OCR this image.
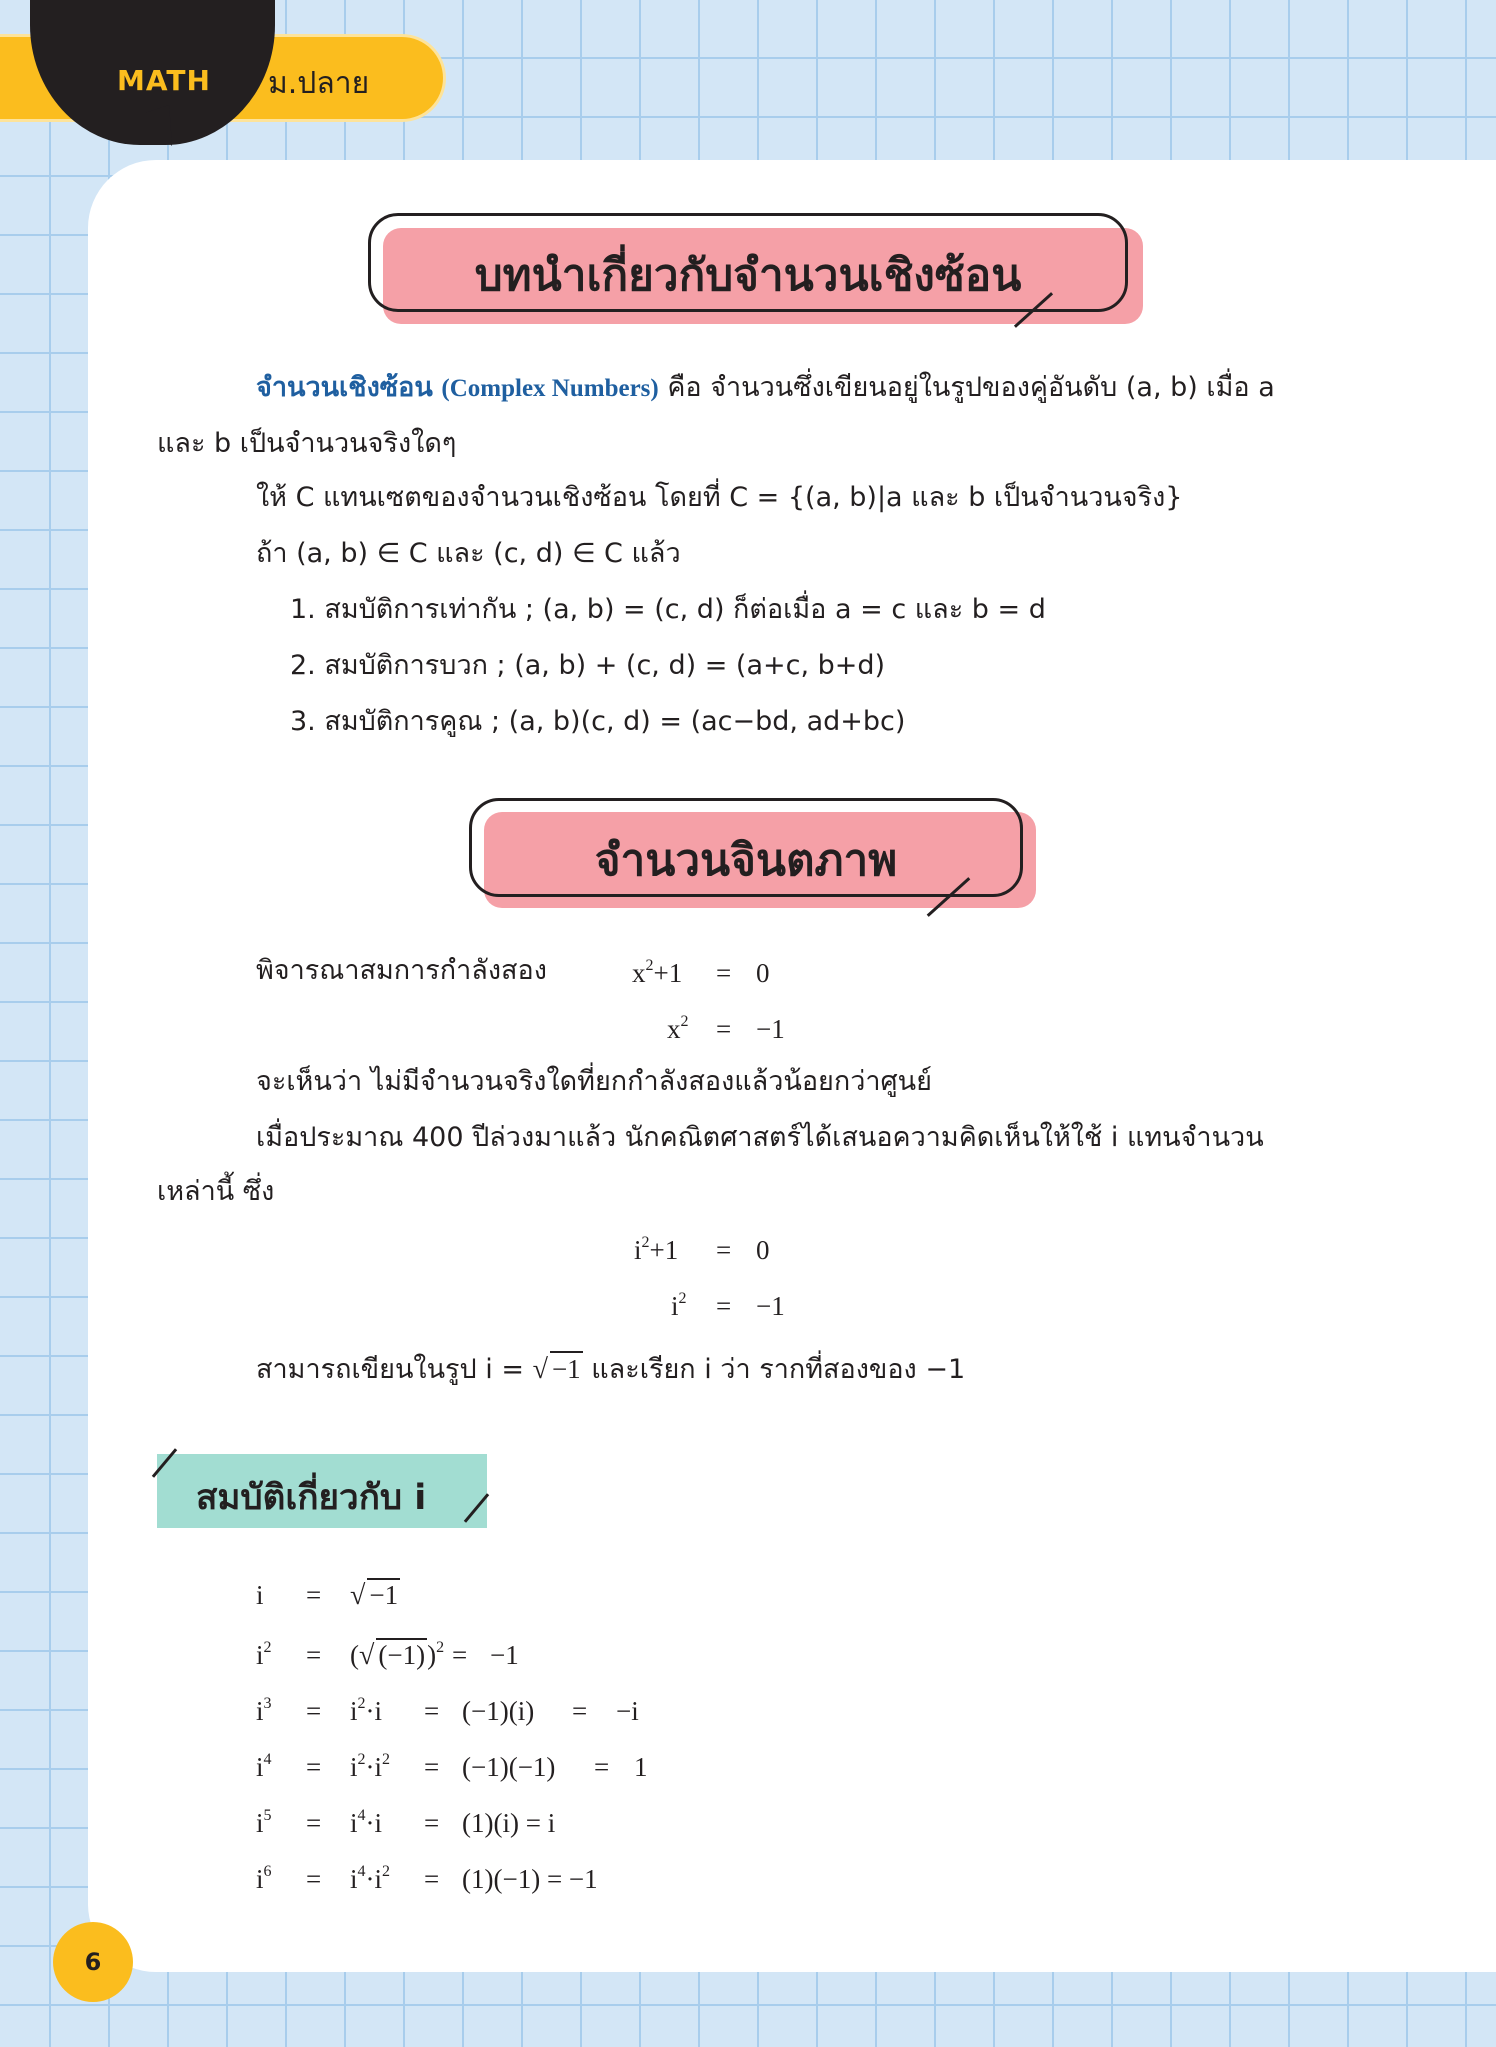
MATH ม.ปลาย
บทนำเกี่ยวกับจำนวนเชิงซ้อน
จำนวนเชิงซ้อน (Complex Numbers) คือ จำนวนซึ่งเขียนอยู่ในรูปของคู่อันดับ (a, b) เมื่อ a
และ b เป็นจำนวนจริงใดๆ
ให้ C แทนเซตของจำนวนเชิงซ้อน โดยที่ C = {(a, b)|a และ b เป็นจำนวนจริง}
ถ้า (a, b) ∈ C และ (c, d) ∈ C แล้ว
1. สมบัติการเท่ากัน ; (a, b) = (c, d) ก็ต่อเมื่อ a = c และ b = d
2. สมบัติการบวก ; (a, b) + (c, d) = (a+c, b+d)
3. สมบัติการคูณ ; (a, b)(c, d) = (ac−bd, ad+bc)
จำนวนจินตภาพ
พิจารณาสมการกำลังสอง	$x^2+1 = 0$
$x^2 = -1$
จะเห็นว่า ไม่มีจำนวนจริงใดที่ยกกำลังสองแล้วน้อยกว่าศูนย์
เมื่อประมาณ 400 ปีล่วงมาแล้ว นักคณิตศาสตร์ได้เสนอความคิดเห็นให้ใช้ i แทนจำนวน
เหล่านี้ ซึ่ง
$i^2+1 = 0$
$i^2 = -1$
สามารถเขียนในรูป i = √ −1 และเรียก i ว่า รากที่สองของ −1
สมบัติเกี่ยวกับ i
i = √ −1
$i^2$ = (√ (−1))$^2$ = −1
$i^3 = i^2\cdot i = (-1)(i) = -i$
$i^4 = i^2\cdot i^2 = (-1)(-1) = 1$
$i^5 = i^4\cdot i = (1)(i) = i$
$i^6 = i^4\cdot i^2 = (1)(-1) = -1$
6
